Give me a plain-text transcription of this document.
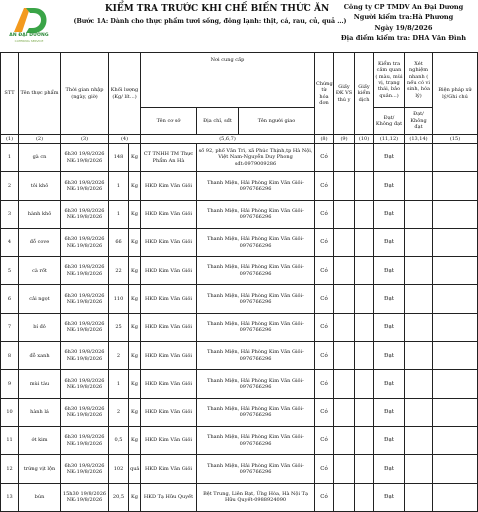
AN ĐẠI DƯƠNG
CATERING SERVICE
KIỂM TRA TRƯỚC KHI CHẾ BIẾN THỨC ĂN
(Bước 1A: Dành cho thực phẩm tươi sống, đông lạnh: thịt, cá, rau, củ, quả …)
Công ty CP TMDV An Đại Dương
Người kiểm tra:Hà Phương
Ngày 19/8/2026
Địa điểm kiểm tra: DHA Văn Đình
STT	Tên thực phẩm	Thời gian nhập (ngày, giờ)	Khối lượng (Kg/ lít…)		Nơi cung cấp			Chứng từ hóa đơn	Giấy ĐK VS thú y	Giấy kiểm dịch	Kiểm tra cảm quan ( màu, mùi vị, trạng thái, bảo quản...)	Xét nghiệm nhanh ( nếu có vi sinh, hóa lý)	Biện pháp xử lý/Ghi chú
					Tên cơ sở	Địa chỉ, sđt	Tên người giao				Đạt/ Không đạt	Đạt/ Không đạt	
(1)	(2)	(3)	(4)		(5,6,7)			(8)	(9)	(10)	(11,12)	(13,14)	(15)
1	gà cn	6h30 19/8/2026 NK:19/8/2026	148	Kg	CT TNHH TM Thực Phẩm An Hà	số 92, phố Văn Trì, xã Phúc Thịnh,tp Hà Nội, Việt Nam-Nguyễn Duy Phong sđt:0979009286		Có			Đạt		
2	tỏi khô	6h30 19/8/2026 NK:19/8/2026	1	Kg	HKD Kim Văn Giỏi	Thanh Miện, Hải Phòng Kim Văn Giỏi-0976766296		Có			Đạt		
3	hành khô	6h30 19/8/2026 NK:19/8/2026	1	Kg	HKD Kim Văn Giỏi	Thanh Miện, Hải Phòng Kim Văn Giỏi-0976766296		Có			Đạt		
4	đỗ cove	6h30 19/8/2026 NK:19/8/2026	66	Kg	HKD Kim Văn Giỏi	Thanh Miện, Hải Phòng Kim Văn Giỏi-0976766296		Có			Đạt		
5	cà rốt	6h30 19/8/2026 NK:19/8/2026	22	Kg	HKD Kim Văn Giỏi	Thanh Miện, Hải Phòng Kim Văn Giỏi-0976766296		Có			Đạt		
6	cải ngọt	6h30 19/8/2026 NK:19/8/2026	110	Kg	HKD Kim Văn Giỏi	Thanh Miện, Hải Phòng Kim Văn Giỏi-0976766296		Có			Đạt		
7	bí đỏ	6h30 19/8/2026 NK:19/8/2026	25	Kg	HKD Kim Văn Giỏi	Thanh Miện, Hải Phòng Kim Văn Giỏi-0976766296		Có			Đạt		
8	đỗ xanh	6h30 19/8/2026 NK:19/8/2026	2	Kg	HKD Kim Văn Giỏi	Thanh Miện, Hải Phòng Kim Văn Giỏi-0976766296		Có			Đạt		
9	mùi tàu	6h30 19/8/2026 NK:19/8/2026	1	Kg	HKD Kim Văn Giỏi	Thanh Miện, Hải Phòng Kim Văn Giỏi-0976766296		Có			Đạt		
10	hành lá	6h30 19/8/2026 NK:19/8/2026	2	Kg	HKD Kim Văn Giỏi	Thanh Miện, Hải Phòng Kim Văn Giỏi-0976766296		Có			Đạt		
11	ớt kim	6h30 19/8/2026 NK:19/8/2026	0,5	Kg	HKD Kim Văn Giỏi	Thanh Miện, Hải Phòng Kim Văn Giỏi-0976766296		Có			Đạt		
12	trứng vịt lộn	6h30 19/8/2026 NK:19/8/2026	102	quả	HKD Kim Văn Giỏi	Thanh Miện, Hải Phòng Kim Văn Giỏi-0976766296		Có			Đạt		
13	bún	15h30 19/8/2026 NK:19/8/2026	20,5	Kg	HKD Tạ Hữu Quyết	Bệt Trung, Liên Bạt, Ứng Hòa, Hà Nội Tạ Hữu Quyết-0988924090		Có			Đạt		
